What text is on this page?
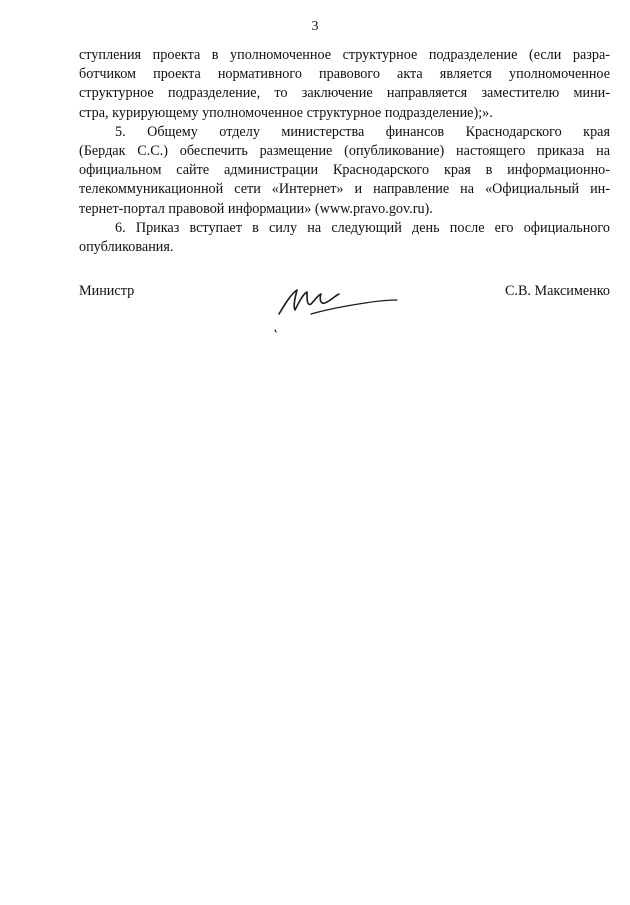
3
ступления проекта в уполномоченное структурное подразделение (если разра-
ботчиком проекта нормативного правового акта является уполномоченное
структурное подразделение, то заключение направляется заместителю мини-
стра, курирующему уполномоченное структурное подразделение);».
5. Общему отделу министерства финансов Краснодарского края
(Бердак С.С.) обеспечить размещение (опубликование) настоящего приказа на
официальном сайте администрации Краснодарского края в информационно-
телекоммуникационной сети «Интернет» и направление на «Официальный ин-
тернет-портал правовой информации» (www.pravo.gov.ru).
6. Приказ вступает в силу на следующий день после его официального
опубликования.
Министр	С.В. Максименко
